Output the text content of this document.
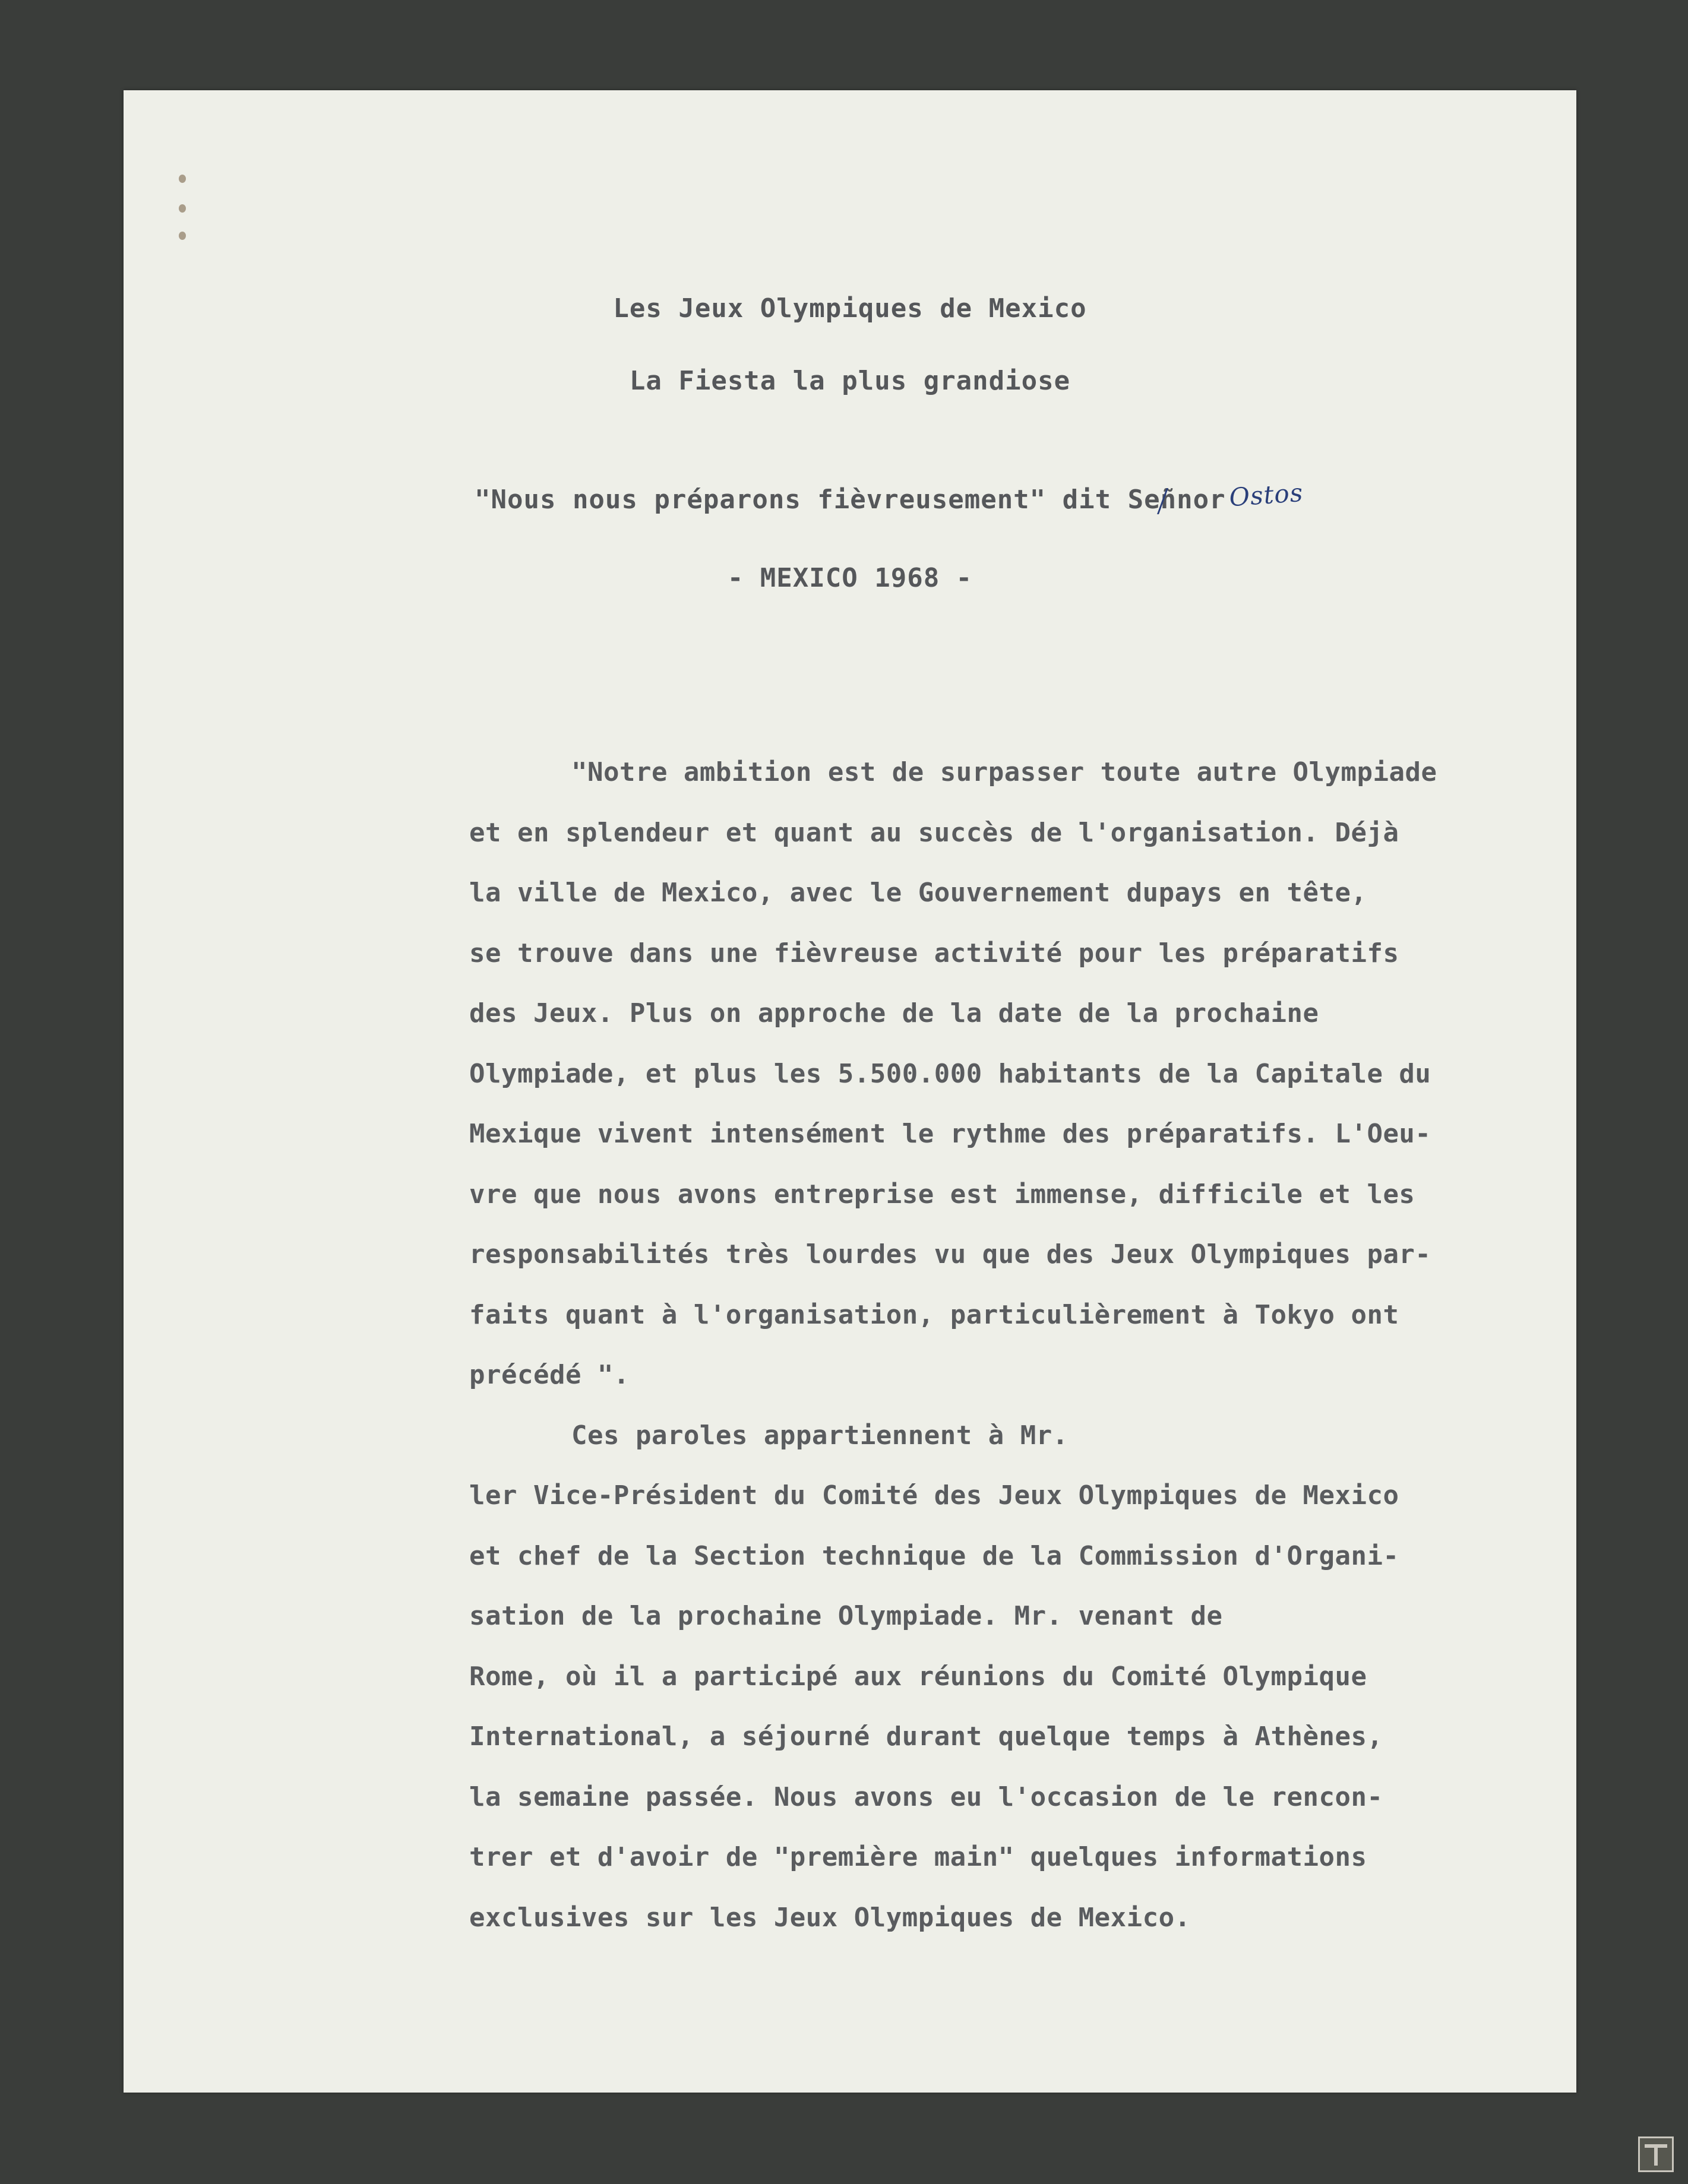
Les Jeux Olympiques de Mexico
La Fiesta la plus grandiose
"Nous nous préparons fièvreusement" dit SeñnorOstos
- MEXICO 1968 -
"Notre ambition est de surpasser toute autre Olympiade
et en splendeur et quant au succès de l'organisation. Déjà
la ville de Mexico, avec le Gouvernement dupays en tête,
se trouve dans une fièvreuse activité pour les préparatifs
des Jeux. Plus on approche de la date de la prochaine
Olympiade, et plus les 5.500.000 habitants de la Capitale du
Mexique vivent intensément le rythme des préparatifs. L'Oeu-
vre que nous avons entreprise est immense, difficile et les
responsabilités très lourdes vu que des Jeux Olympiques par-
faits quant à l'organisation, particulièrement à Tokyo ont
précédé ".
Ces paroles appartiennent à Mr.
ler Vice-Président du Comité des Jeux Olympiques de Mexico
et chef de la Section technique de la Commission d'Organi-
sation de la prochaine Olympiade. Mr. venant de
Rome, où il a participé aux réunions du Comité Olympique
International, a séjourné durant quelque temps à Athènes,
la semaine passée. Nous avons eu l'occasion de le rencon-
trer et d'avoir de "première main" quelques informations
exclusives sur les Jeux Olympiques de Mexico.
